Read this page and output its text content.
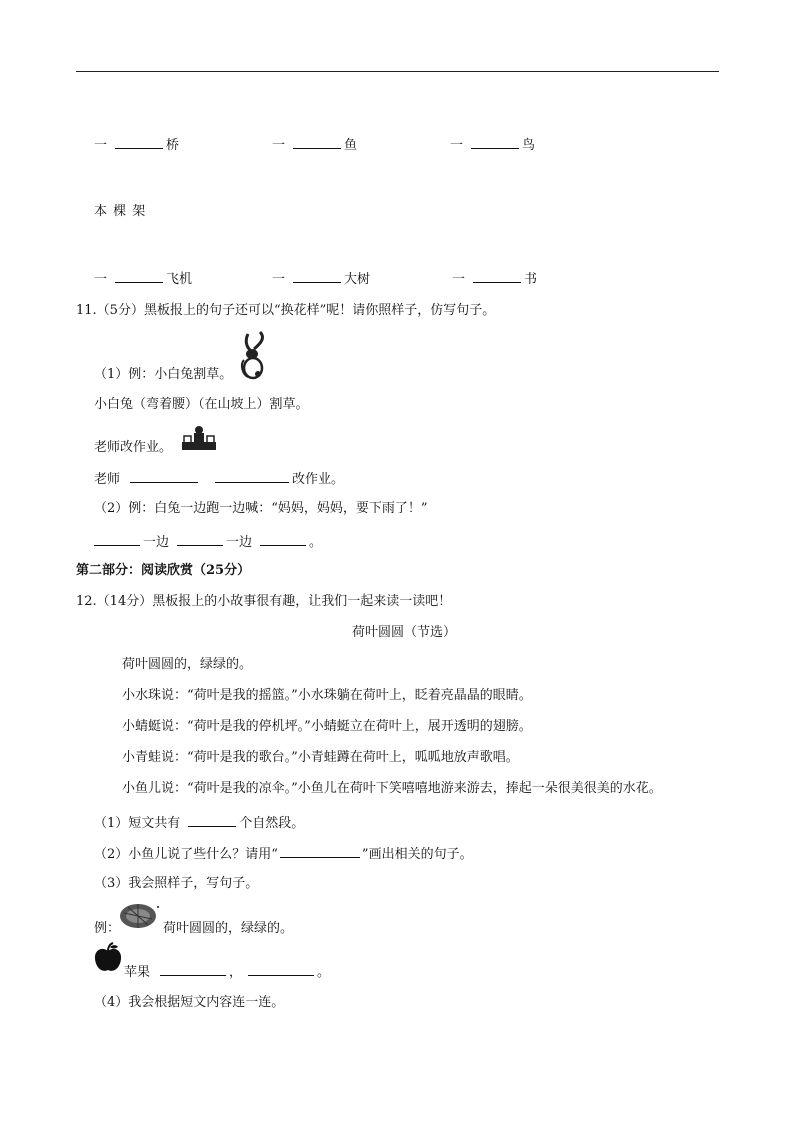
一	桥	一	鱼	一	鸟
本 棵 架
一	飞机	一	大树	一	书
11.（5分）黑板报上的句子还可以“换花样”呢！请你照样子，仿写句子。
（1）例：小白兔割草。
小白兔（弯着腰）（在山坡上）割草。
老师改作业。
老师	改作业。
（2）例：白兔一边跑一边喊：“妈妈，妈妈，要下雨了！”
一边	一边	。
第二部分：阅读欣赏（25分）
12.（14分）黑板报上的小故事很有趣，让我们一起来读一读吧！
荷叶圆圆（节选）
荷叶圆圆的，绿绿的。
小水珠说：“荷叶是我的摇篮。”小水珠躺在荷叶上，眨着亮晶晶的眼睛。
小蜻蜓说：“荷叶是我的停机坪。”小蜻蜓立在荷叶上，展开透明的翅膀。
小青蛙说：“荷叶是我的歌台。”小青蛙蹲在荷叶上，呱呱地放声歌唱。
小鱼儿说：“荷叶是我的凉伞。”小鱼儿在荷叶下笑嘻嘻地游来游去，捧起一朵很美很美的水花。
（1）短文共有	个自然段。
（2）小鱼儿说了些什么？请用“	”画出相关的句子。
（3）我会照样子，写句子。
例：	荷叶圆圆的，绿绿的。
苹果	，	。
（4）我会根据短文内容连一连。
